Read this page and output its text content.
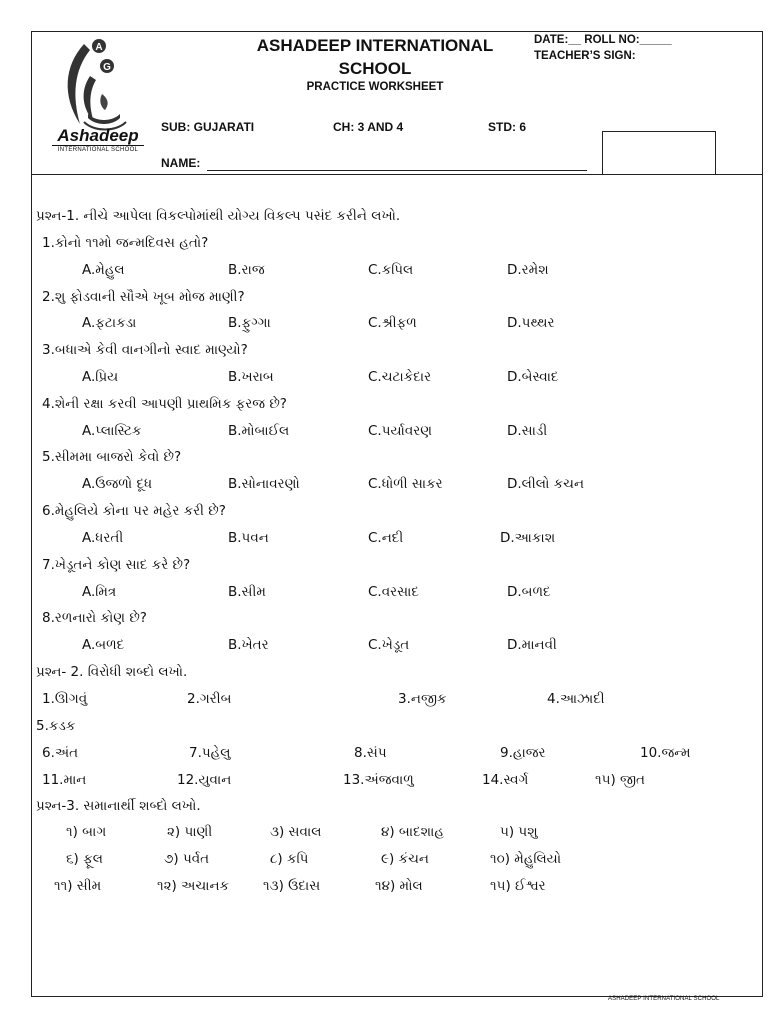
A
G
Ashadeep
INTERNATIONAL SCHOOL
ASHADEEP INTERNATIONAL
SCHOOL
PRACTICE WORKSHEET
DATE:__ ROLL NO:_____
TEACHER’S SIGN:
SUB: GUJARATI	CH: 3 AND 4	STD: 6
NAME:
પ્રશ્ન-1. નીચે આપેલા વિકલ્પોમાંથી યોગ્ય વિકલ્પ પસંદ કરીને લખો.
1.કોનો ૧૧મો જન્મદિવસ હતો?
A.મેહુલ	B.રાજ	C.કપિલ	D.રમેશ
2.શુ ફોડવાની સૌએ ખૂબ મોજ માણી?
A.ફટાકડા	B.ફુગ્ગા	C.શ્રીફળ	D.પથ્થર
3.બધાએ કેવી વાનગીનો સ્વાદ માણ્યો?
A.પ્રિય	B.ખરાબ	C.ચટાકેદાર	D.બેસ્વાદ
4.શેની રક્ષા કરવી આપણી પ્રાથમિક ફરજ છે?
A.પ્લાસ્ટિક	B.મોબાઈલ	C.પર્યાવરણ	D.સાડી
5.સીમમા બાજરો કેવો છે?
A.ઉજળો દૂધ	B.સોનાવરણો	C.ધોળી સાકર	D.લીલો કચન
6.મેહુલિયે કોના પર મહેર કરી છે?
A.ધરતી	B.પવન	C.નદી	D.આકાશ
7.ખેડૂતને કોણ સાદ કરે છે?
A.મિત્ર	B.સીમ	C.વરસાદ	D.બળદ
8.રળનારો કોણ છે?
A.બળદ	B.ખેતર	C.ખેડૂત	D.માનવી
પ્રશ્ન- 2. વિરોધી શબ્દો લખો.
1.ઊગવું	2.ગરીબ	3.નજીક	4.આઝાદી
5.કડક
6.અંત	7.પહેલુ	8.સંપ	9.હાજર	10.જન્મ
11.માન	12.યુવાન	13.અંજવાળુ	14.સ્વર્ગ	૧૫) જીત
પ્રશ્ન-3. સમાનાર્થી શબ્દો લખો.
૧) બાગ	૨) પાણી	૩) સવાલ	૪) બાદશાહ	૫) પશુ
૬) ફૂલ	૭) પર્વત	૮) કપિ	૯) કંચન	૧૦) મેહુલિયો
૧૧) સીમ	૧૨) અચાનક	૧૩) ઉદાસ	૧૪) મોલ	૧૫) ઈશ્વર
ASHADEEP INTERNATIONAL SCHOOL
